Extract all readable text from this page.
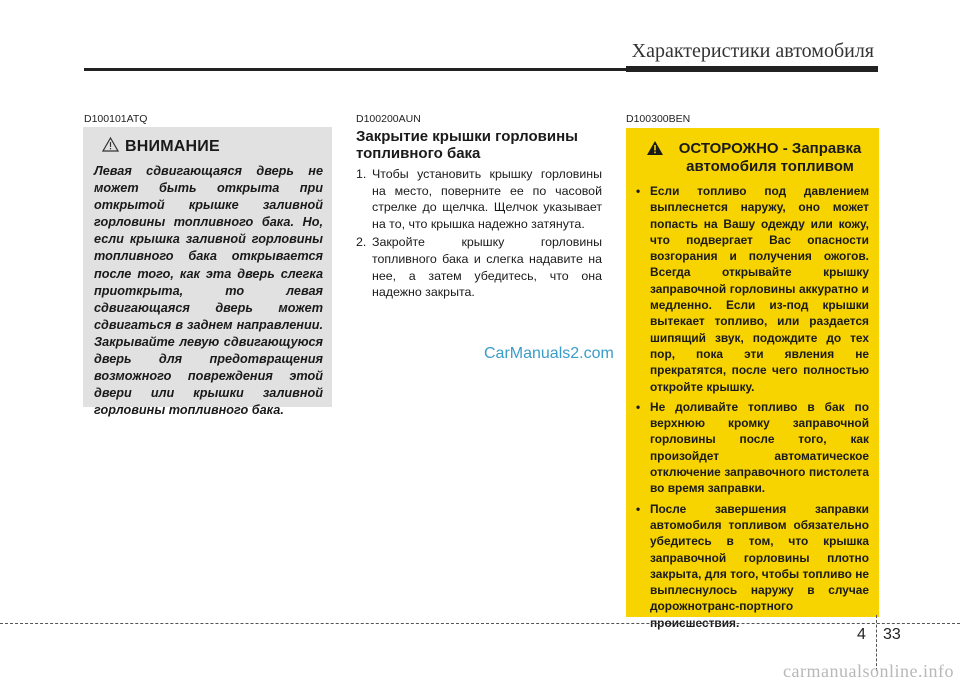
Характеристики автомобиля
D100101ATQ
ВНИМАНИЕ
Левая сдвигающаяся дверь не может быть открыта при открытой крышке заливной горловины топливного бака. Но, если крышка заливной горловины топливного бака открывается после того, как эта дверь слегка приоткрыта, то левая сдвигающаяся дверь может сдвигаться в заднем направлении. Закрывайте левую сдвигающуюся дверь для предотвращения возможного повреждения этой двери или крышки заливной горловины топливного бака.
D100200AUN
Закрытие крышки горловины топливного бака
1. Чтобы установить крышку горловины на место, поверните ее по часовой стрелке до щелчка. Щелчок указывает на то, что крышка надежно затянута.
2. Закройте крышку горловины топливного бака и слегка надавите на нее, а затем убедитесь, что она надежно закрыта.
D100300BEN
ОСТОРОЖНО - Заправка автомобиля топливом
• Если топливо под давлением выплеснется наружу, оно может попасть на Вашу одежду или кожу, что подвергает Вас опасности возгорания и получения ожогов. Всегда открывайте крышку заправочной горловины аккуратно и медленно. Если из-под крышки вытекает топливо, или раздается шипящий звук, подождите до тех пор, пока эти явления не прекратятся, после чего полностью откройте крышку.
• Не доливайте топливо в бак по верхнюю кромку заправочной горловины после того, как произойдет автоматическое отключение заправочного пистолета во время заправки.
• После завершения заправки автомобиля топливом обязательно убедитесь в том, что крышка заправочной горловины плотно закрыта, для того, чтобы топливо не выплеснулось наружу в случае дорожнотранс-портного происшествия.
CarManuals2.com
4 33
carmanualsonline.info
